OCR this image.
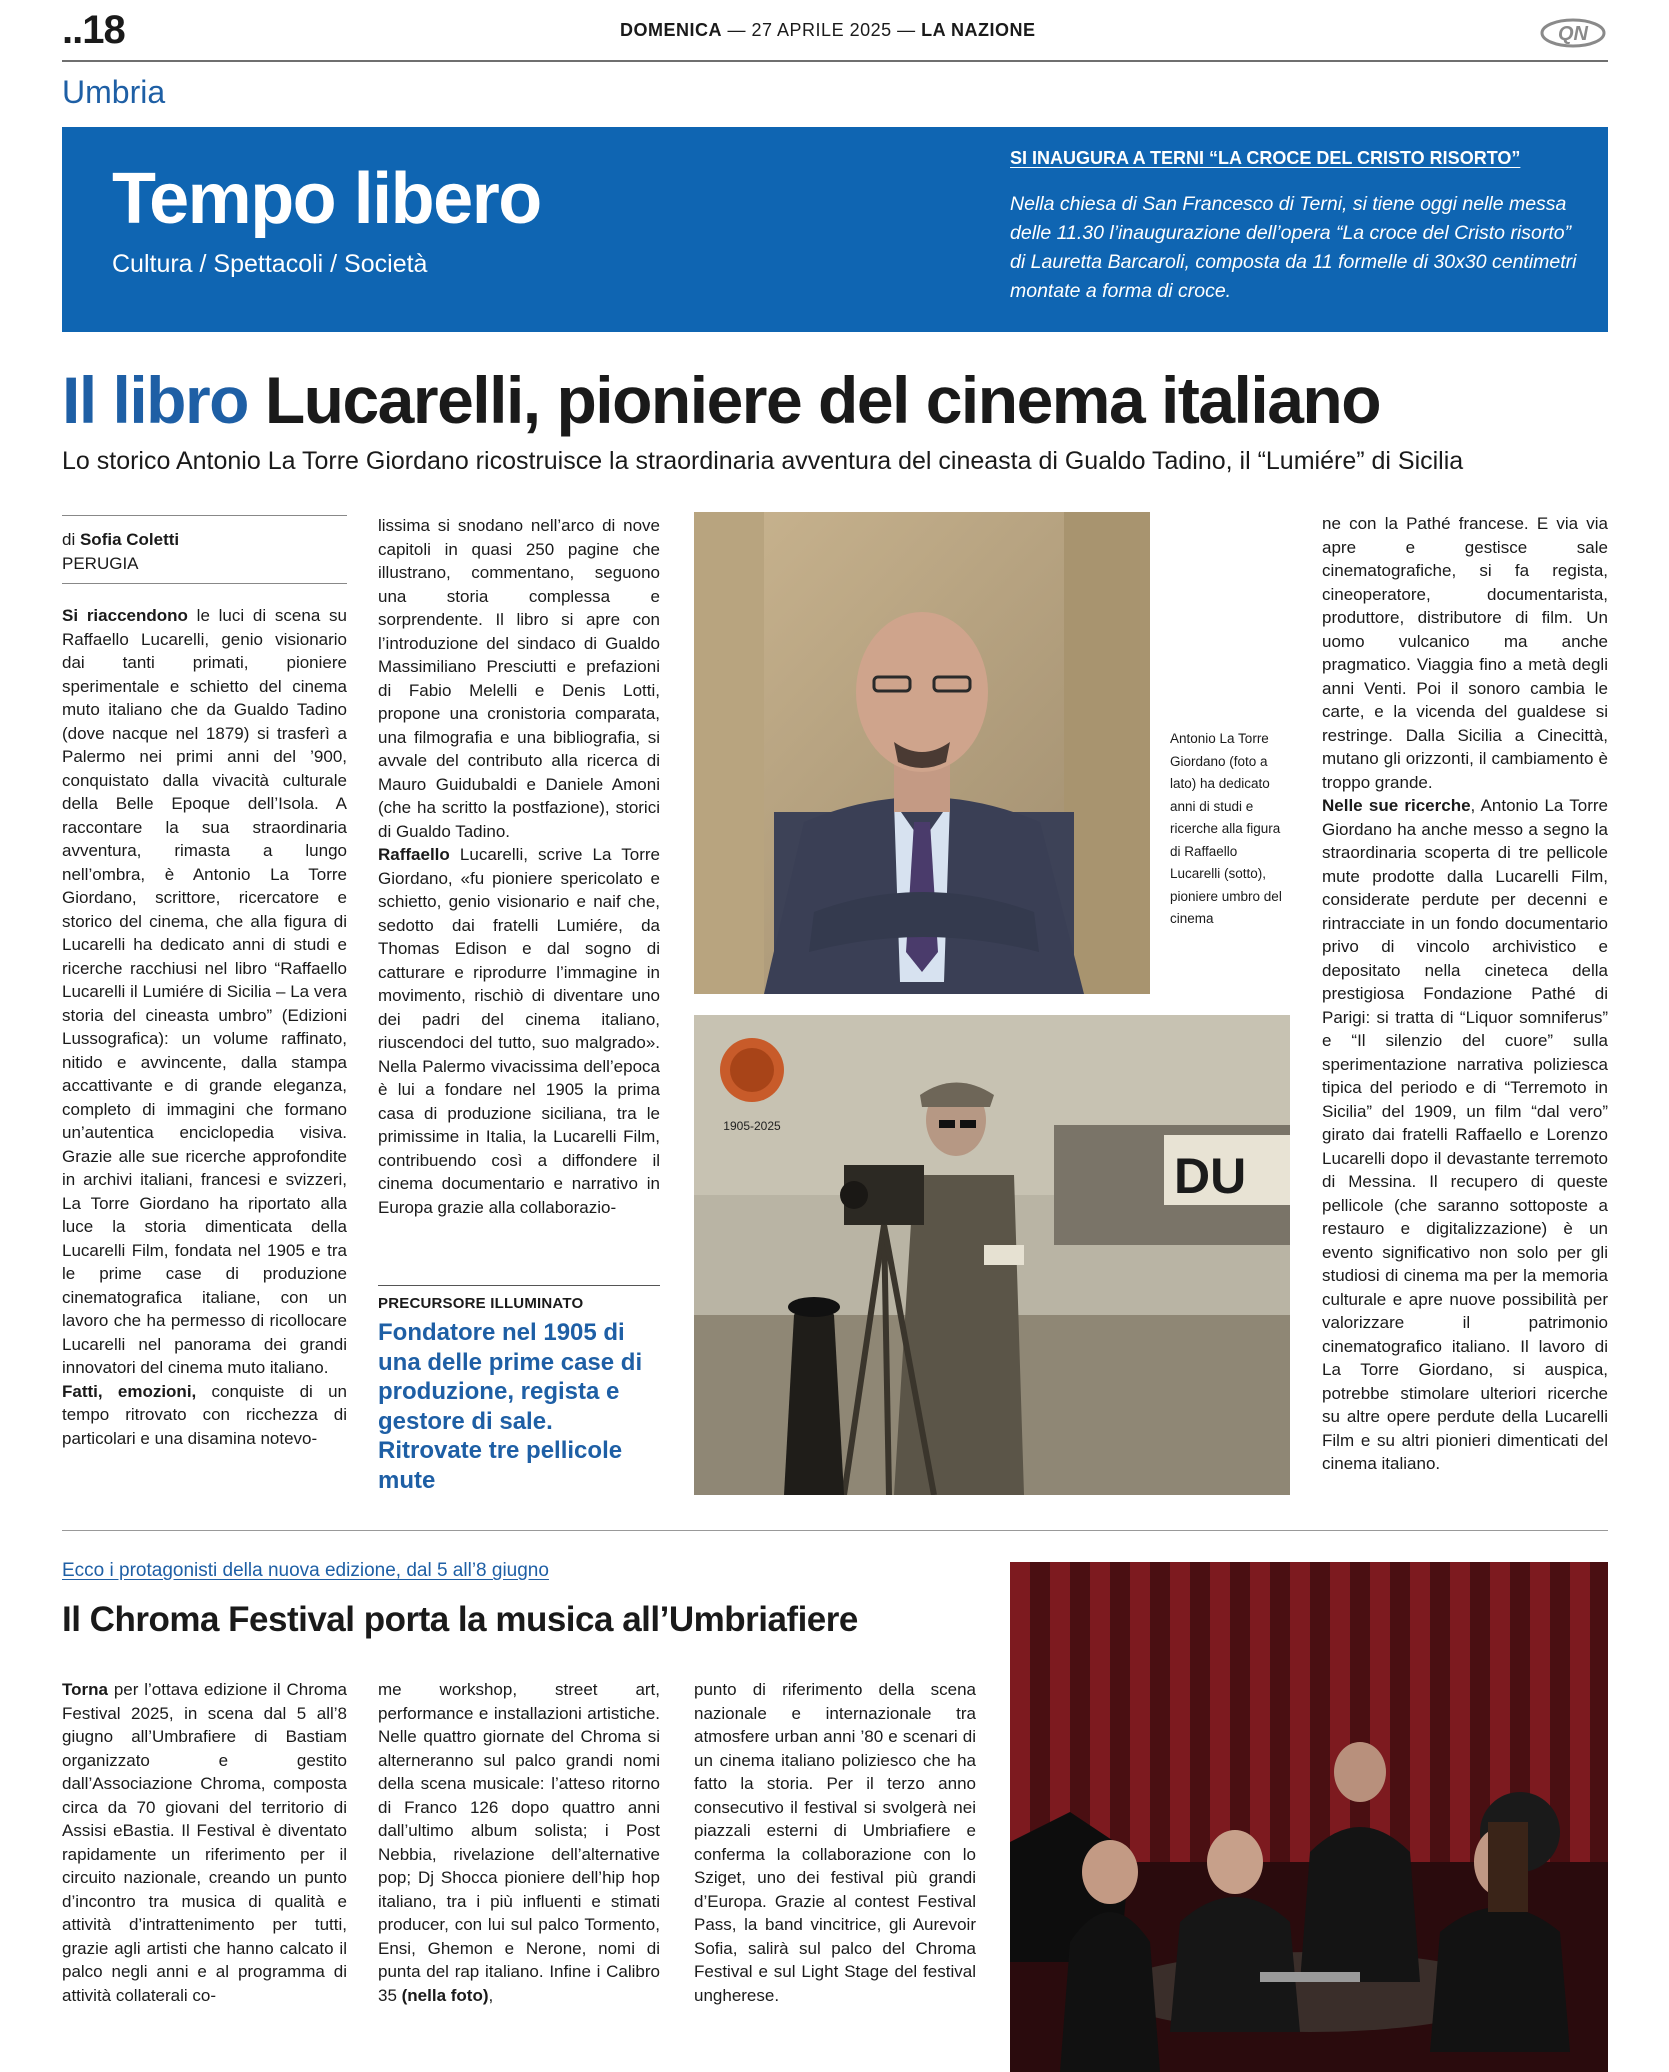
..18	DOMENICA — 27 APRILE 2025 — LA NAZIONE	QN
Umbria
Tempo libero
Cultura / Spettacoli / Società
SI INAUGURA A TERNI “LA CROCE DEL CRISTO RISORTO”
Nella chiesa di San Francesco di Terni, si tiene oggi nelle messa delle 11.30 l’inaugurazione dell’opera “La croce del Cristo risorto” di Lauretta Barcaroli, composta da 11 formelle di 30x30 centimetri montate a forma di croce.
Il libro Lucarelli, pioniere del cinema italiano
Lo storico Antonio La Torre Giordano ricostruisce la straordinaria avventura del cineasta di Gualdo Tadino, il “Lumiére” di Sicilia
di Sofia Coletti
PERUGIA
Si riaccendono le luci di scena su Raffaello Lucarelli, genio visionario dai tanti primati, pioniere sperimentale e schietto del cinema muto italiano che da Gualdo Tadino (dove nacque nel 1879) si trasferì a Palermo nei primi anni del ’900, conquistato dalla vivacità culturale della Belle Epoque dell’Isola. A raccontare la sua straordinaria avventura, rimasta a lungo nell’ombra, è Antonio La Torre Giordano, scrittore, ricercatore e storico del cinema, che alla figura di Lucarelli ha dedicato anni di studi e ricerche racchiusi nel libro “Raffaello Lucarelli il Lumiére di Sicilia – La vera storia del cineasta umbro” (Edizioni Lussografica): un volume raffinato, nitido e avvincente, dalla stampa accattivante e di grande eleganza, completo di immagini che formano un’autentica enciclopedia visiva. Grazie alle sue ricerche approfondite in archivi italiani, francesi e svizzeri, La Torre Giordano ha riportato alla luce la storia dimenticata della Lucarelli Film, fondata nel 1905 e tra le prime case di produzione cinematografica italiane, con un lavoro che ha permesso di ricollocare Lucarelli nel panorama dei grandi innovatori del cinema muto italiano.
Fatti, emozioni, conquiste di un tempo ritrovato con ricchezza di particolari e una disamina notevo-
lissima si snodano nell’arco di nove capitoli in quasi 250 pagine che illustrano, commentano, seguono una storia complessa e sorprendente. Il libro si apre con l’introduzione del sindaco di Gualdo Massimiliano Presciutti e prefazioni di Fabio Melelli e Denis Lotti, propone una cronistoria comparata, una filmografia e una bibliografia, si avvale del contributo alla ricerca di Mauro Guidubaldi e Daniele Amoni (che ha scritto la postfazione), storici di Gualdo Tadino.
Raffaello Lucarelli, scrive La Torre Giordano, «fu pioniere spericolato e schietto, genio visionario e naif che, sedotto dai fratelli Lumiére, da Thomas Edison e dal sogno di catturare e riprodurre l’immagine in movimento, rischiò di diventare uno dei padri del cinema italiano, riuscendoci del tutto, suo malgrado». Nella Palermo vivacissima dell’epoca è lui a fondare nel 1905 la prima casa di produzione siciliana, tra le primissime in Italia, la Lucarelli Film, contribuendo così a diffondere il cinema documentario e narrativo in Europa grazie alla collaborazio-
PRECURSORE ILLUMINATO
Fondatore nel 1905 di una delle prime case di produzione, regista e gestore di sale. Ritrovate tre pellicole mute
Antonio La Torre Giordano (foto a lato) ha dedicato anni di studi e ricerche alla figura di Raffaello Lucarelli (sotto), pioniere umbro del cinema
DU
1905-2025
ne con la Pathé francese. E via via apre e gestisce sale cinematografiche, si fa regista, cineoperatore, documentarista, produttore, distributore di film. Un uomo vulcanico ma anche pragmatico. Viaggia fino a metà degli anni Venti. Poi il sonoro cambia le carte, e la vicenda del gualdese si restringe. Dalla Sicilia a Cinecittà, mutano gli orizzonti, il cambiamento è troppo grande.
Nelle sue ricerche, Antonio La Torre Giordano ha anche messo a segno la straordinaria scoperta di tre pellicole mute prodotte dalla Lucarelli Film, considerate perdute per decenni e rintracciate in un fondo documentario privo di vincolo archivistico e depositato nella cineteca della prestigiosa Fondazione Pathé di Parigi: si tratta di “Liquor somniferus” e “Il silenzio del cuore” sulla sperimentazione narrativa poliziesca tipica del periodo e di “Terremoto in Sicilia” del 1909, un film “dal vero” girato dai fratelli Raffaello e Lorenzo Lucarelli dopo il devastante terremoto di Messina. Il recupero di queste pellicole (che saranno sottoposte a restauro e digitalizzazione) è un evento significativo non solo per gli studiosi di cinema ma per la memoria culturale e apre nuove possibilità per valorizzare il patrimonio cinematografico italiano. Il lavoro di La Torre Giordano, si auspica, potrebbe stimolare ulteriori ricerche su altre opere perdute della Lucarelli Film e su altri pionieri dimenticati del cinema italiano.
Ecco i protagonisti della nuova edizione, dal 5 all’8 giugno
Il Chroma Festival porta la musica all’Umbriafiere
Torna per l’ottava edizione il Chroma Festival 2025, in scena dal 5 all’8 giugno all’Umbrafiere di Bastiam organizzato e gestito dall’Associazione Chroma, composta circa da 70 giovani del territorio di Assisi eBastia. Il Festival è diventato rapidamente un riferimento per il circuito nazionale, creando un punto d’incontro tra musica di qualità e attività d’intrattenimento per tutti, grazie agli artisti che hanno calcato il palco negli anni e al programma di attività collaterali co-
me workshop, street art, performance e installazioni artistiche. Nelle quattro giornate del Chroma si alterneranno sul palco grandi nomi della scena musicale: l’atteso ritorno di Franco 126 dopo quattro anni dall’ultimo album solista; i Post Nebbia, rivelazione dell’alternative pop; Dj Shocca pioniere dell’hip hop italiano, tra i più influenti e stimati producer, con lui sul palco Tormento, Ensi, Ghemon e Nerone, nomi di punta del rap italiano. Infine i Calibro 35 (nella foto),
punto di riferimento della scena nazionale e internazionale tra atmosfere urban anni ’80 e scenari di un cinema italiano poliziesco che ha fatto la storia. Per il terzo anno consecutivo il festival si svolgerà nei piazzali esterni di Umbriafiere e conferma la collaborazione con lo Sziget, uno dei festival più grandi d’Europa. Grazie al contest Festival Pass, la band vincitrice, gli Aurevoir Sofia, salirà sul palco del Chroma Festival e sul Light Stage del festival ungherese.
